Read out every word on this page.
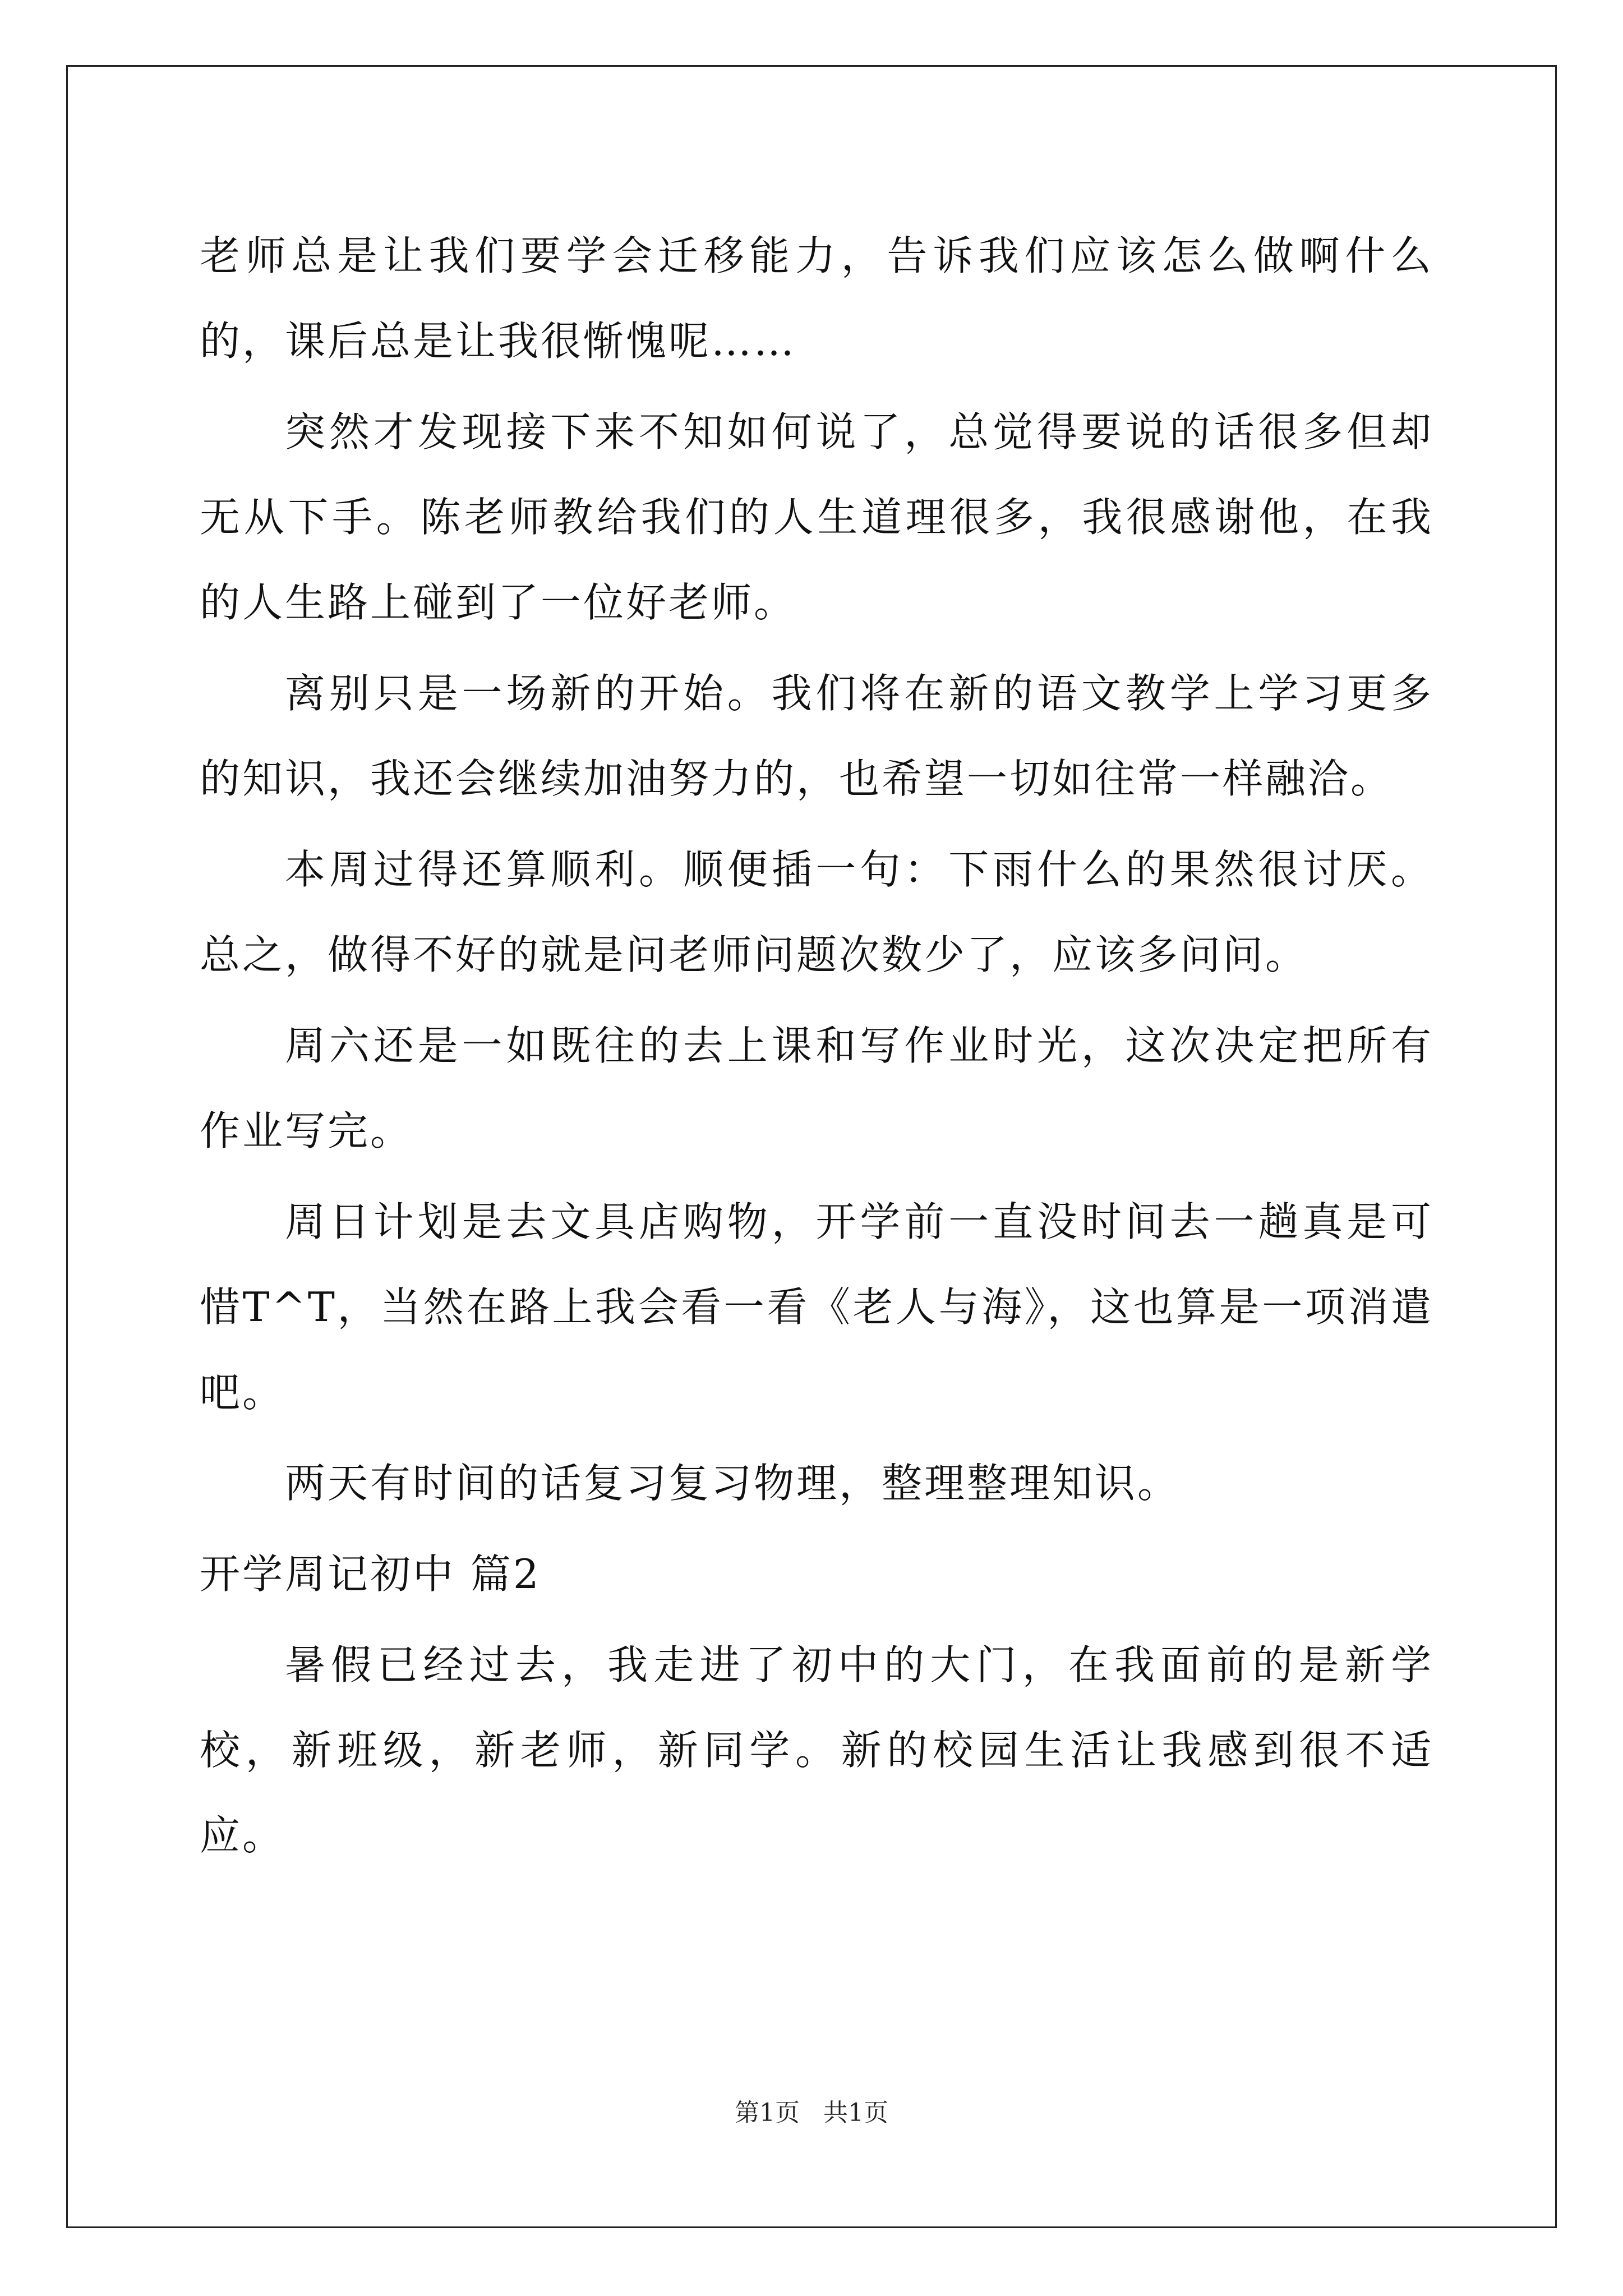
老师总是让我们要学会迁移能力，告诉我们应该怎么做啊什么的，课后总是让我很惭愧呢……

突然才发现接下来不知如何说了，总觉得要说的话很多但却无从下手。陈老师教给我们的人生道理很多，我很感谢他，在我的人生路上碰到了一位好老师。

离别只是一场新的开始。我们将在新的语文教学上学习更多的知识，我还会继续加油努力的，也希望一切如往常一样融洽。

本周过得还算顺利。顺便插一句：下雨什么的果然很讨厌。总之，做得不好的就是问老师问题次数少了，应该多问问。

周六还是一如既往的去上课和写作业时光，这次决定把所有作业写完。

周日计划是去文具店购物，开学前一直没时间去一趟真是可惜T^T，当然在路上我会看一看《老人与海》，这也算是一项消遣吧。

两天有时间的话复习复习物理，整理整理知识。

开学周记初中 篇2

暑假已经过去，我走进了初中的大门，在我面前的是新学校，新班级，新老师，新同学。新的校园生活让我感到很不适应。

第1页 共1页
